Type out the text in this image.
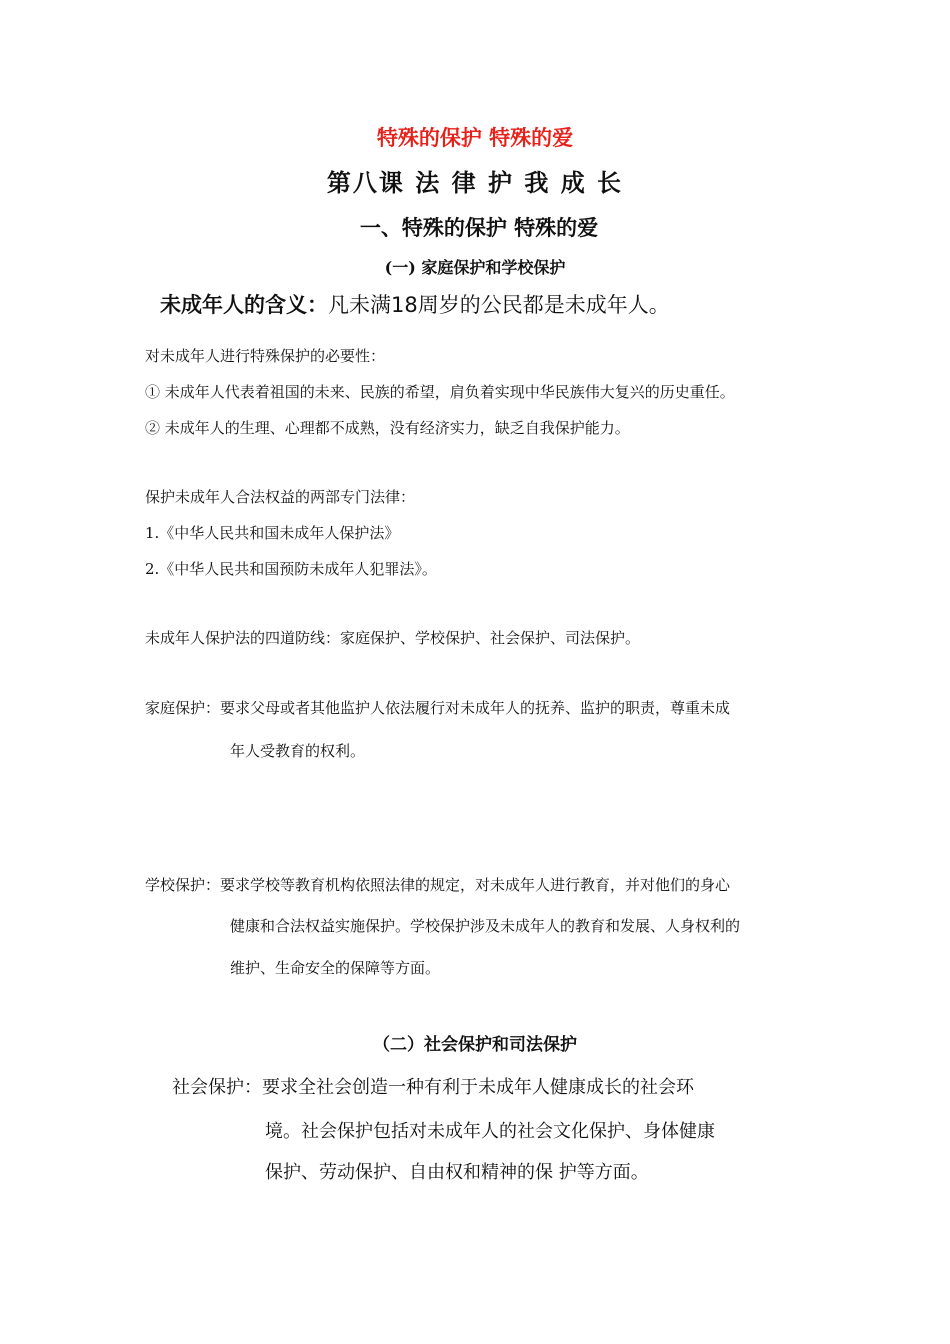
特殊的保护 特殊的爱
第八课 法 律 护 我 成 长
一、特殊的保护 特殊的爱
(一) 家庭保护和学校保护
未成年人的含义：凡未满18周岁的公民都是未成年人。
对未成年人进行特殊保护的必要性：
① 未成年人代表着祖国的未来、民族的希望，肩负着实现中华民族伟大复兴的历史重任。
② 未成年人的生理、心理都不成熟，没有经济实力，缺乏自我保护能力。
保护未成年人合法权益的两部专门法律：
1.《中华人民共和国未成年人保护法》
2.《中华人民共和国预防未成年人犯罪法》。
未成年人保护法的四道防线：家庭保护、学校保护、社会保护、司法保护。
家庭保护：要求父母或者其他监护人依法履行对未成年人的抚养、监护的职责，尊重未成
年人受教育的权利。
学校保护：要求学校等教育机构依照法律的规定，对未成年人进行教育，并对他们的身心
健康和合法权益实施保护。学校保护涉及未成年人的教育和发展、人身权利的
维护、生命安全的保障等方面。
（二）社会保护和司法保护
社会保护：要求全社会创造一种有利于未成年人健康成长的社会环
境。社会保护包括对未成年人的社会文化保护、身体健康
保护、劳动保护、自由权和精神的保 护等方面。
